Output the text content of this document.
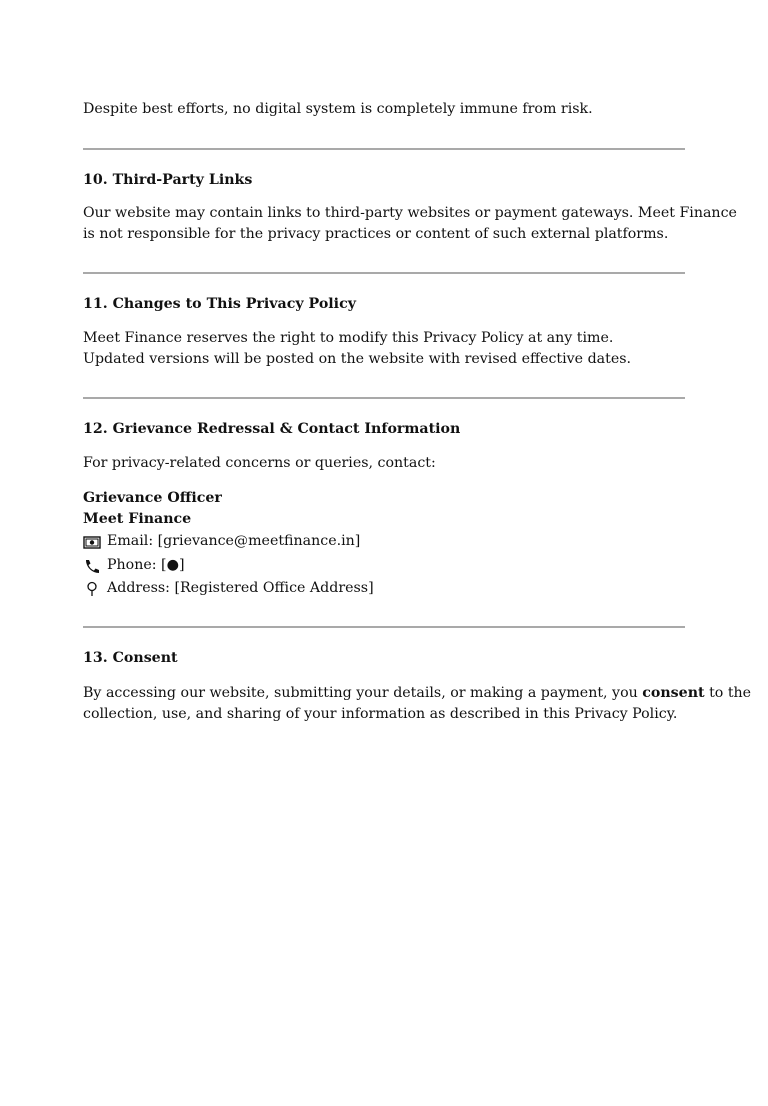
Despite best efforts, no digital system is completely immune from risk.

10. Third-Party Links

Our website may contain links to third-party websites or payment gateways. Meet Finance
is not responsible for the privacy practices or content of such external platforms.

11. Changes to This Privacy Policy

Meet Finance reserves the right to modify this Privacy Policy at any time.
Updated versions will be posted on the website with revised effective dates.

12. Grievance Redressal & Contact Information

For privacy-related concerns or queries, contact:

Grievance Officer
Meet Finance
Email: [grievance@meetfinance.in]
Phone: [●]
Address: [Registered Office Address]
13. Consent

By accessing our website, submitting your details, or making a payment, you consent to the
collection, use, and sharing of your information as described in this Privacy Policy.
